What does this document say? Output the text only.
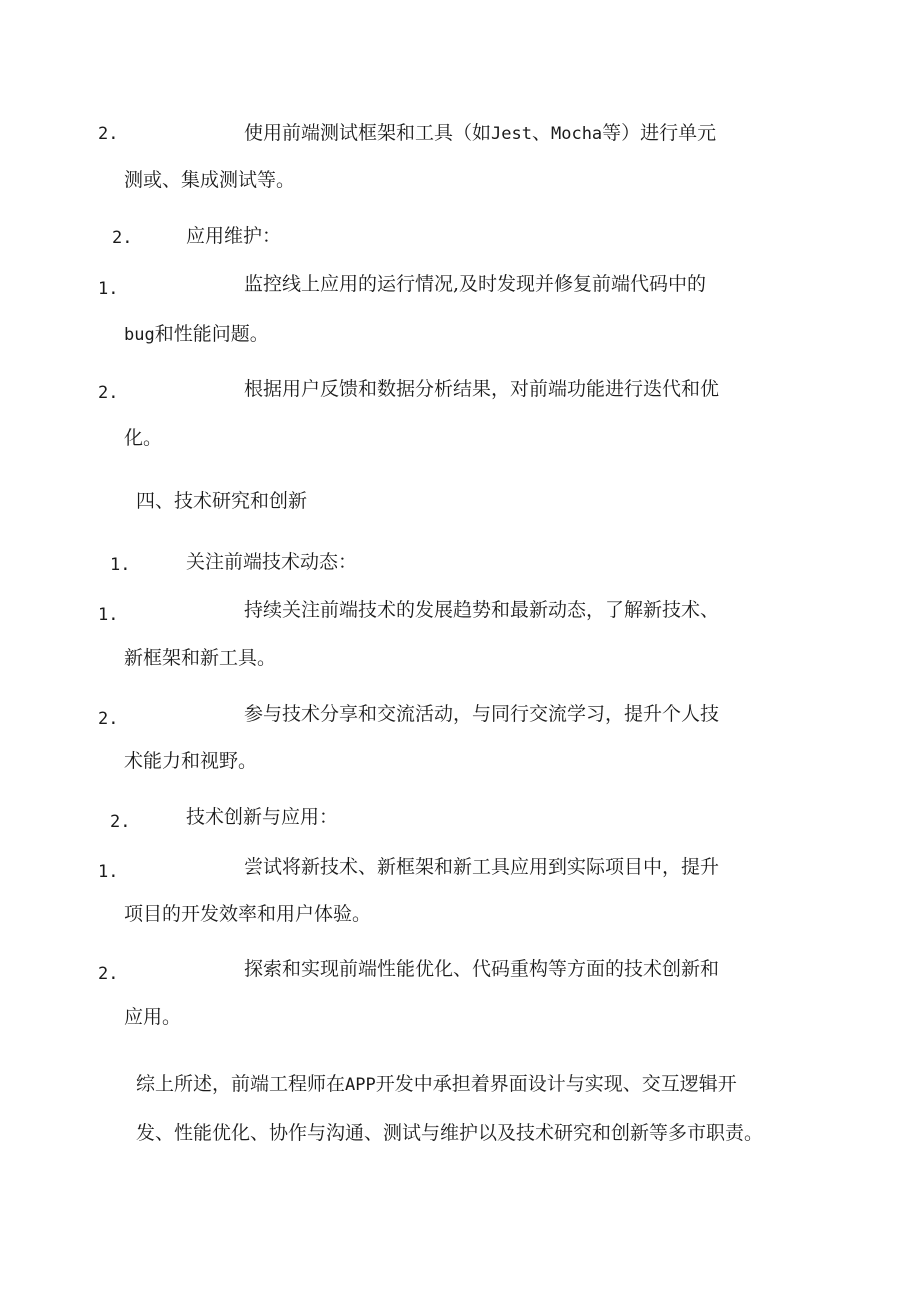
2.	使用前端测试框架和工具（如Jest、Mocha等）进行单元
测或、集成测试等。
2.	应用维护：
1.	监控线上应用的运行情况,及时发现并修复前端代码中的
bug和性能问题。
2.	根据用户反馈和数据分析结果，对前端功能进行迭代和优
化。
四、技术研究和创新
1.	关注前端技术动态：
1.	持续关注前端技术的发展趋势和最新动态，了解新技术、
新框架和新工具。
2.	参与技术分享和交流活动，与同行交流学习，提升个人技
术能力和视野。
2.	技术创新与应用：
1.	尝试将新技术、新框架和新工具应用到实际项目中，提升
项目的开发效率和用户体验。
2.	探索和实现前端性能优化、代码重构等方面的技术创新和
应用。
综上所述，前端工程师在APP开发中承担着界面设计与实现、交互逻辑开
发、性能优化、协作与沟通、测试与维护以及技术研究和创新等多市职责。
